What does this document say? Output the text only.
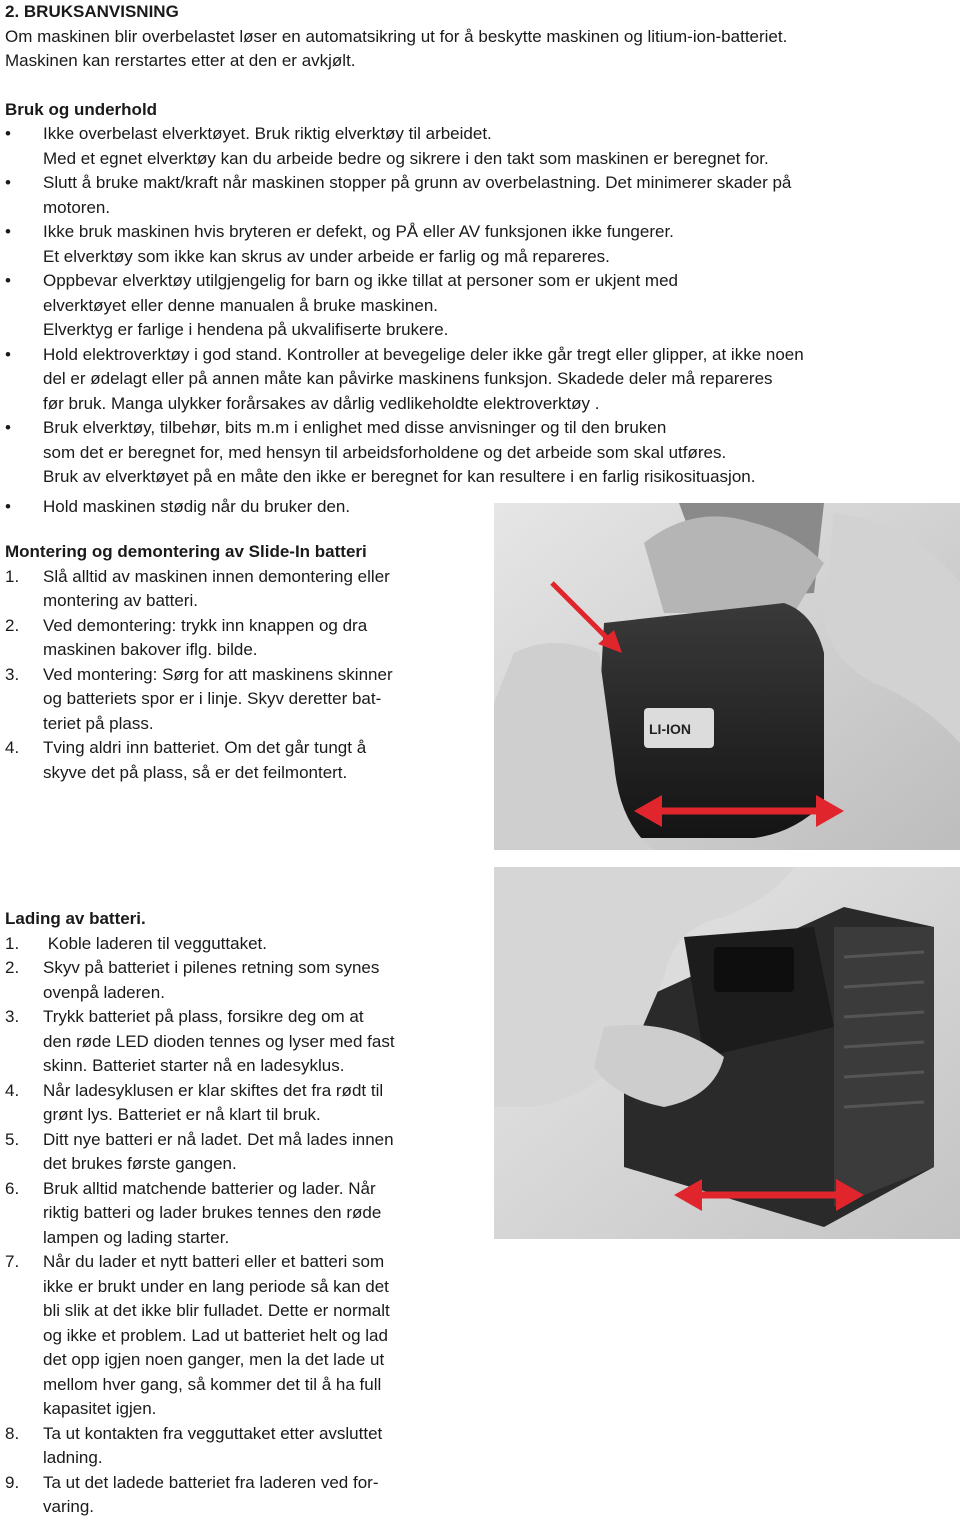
2. BRUKSANVISNING

Om maskinen blir overbelastet løser en automatsikring ut for å beskytte maskinen og litium-ion-batteriet.

Maskinen kan rerstartes etter at den er avkjølt.

Bruk og underhold

• Ikke overbelast elverktøyet. Bruk riktig elverktøy til arbeidet.
Med et egnet elverktøy kan du arbeide bedre og sikrere i den takt som maskinen er beregnet for.
• Slutt å bruke makt/kraft når maskinen stopper på grunn av overbelastning. Det minimerer skader på
motoren.
• Ikke bruk maskinen hvis bryteren er defekt, og PÅ eller AV funksjonen ikke fungerer.
Et elverktøy som ikke kan skrus av under arbeide er farlig og må repareres.
• Oppbevar elverktøy utilgjengelig for barn og ikke tillat at personer som er ukjent med
elverktøyet eller denne manualen å bruke maskinen.
Elverktyg er farlige i hendena på ukvalifiserte brukere.
• Hold elektroverktøy i god stand. Kontroller at bevegelige deler ikke går tregt eller glipper, at ikke noen
del er ødelagt eller på annen måte kan påvirke maskinens funksjon. Skadede deler må repareres
før bruk. Manga ulykker forårsakes av dårlig vedlikeholdte elektroverktøy .
• Bruk elverktøy, tilbehør, bits m.m i enlighet med disse anvisninger og til den bruken
som det er beregnet for, med hensyn til arbeidsforholdene og det arbeide som skal utføres.
Bruk av elverktøyet på en måte den ikke er beregnet for kan resultere i en farlig risikosituasjon.
• Hold maskinen stødig når du bruker den.

Montering og demontering av Slide-In batteri

1. Slå alltid av maskinen innen demontering eller
montering av batteri.
2. Ved demontering: trykk inn knappen og dra
maskinen bakover iflg. bilde.
3. Ved montering: Sørg for att maskinens skinner
og batteriets spor er i linje. Skyv deretter bat-
teriet på plass.
4. Tving aldri inn batteriet. Om det går tungt å
skyve det på plass, så er det feilmontert.
LI-ION

Lading av batteri.

1. Koble laderen til vegguttaket.
2. Skyv på batteriet i pilenes retning som synes
ovenpå laderen.
3. Trykk batteriet på plass, forsikre deg om at
den røde LED dioden tennes og lyser med fast
skinn. Batteriet starter nå en ladesyklus.
4. Når ladesyklusen er klar skiftes det fra rødt til
grønt lys. Batteriet er nå klart til bruk.
5. Ditt nye batteri er nå ladet. Det må lades innen
det brukes første gangen.
6. Bruk alltid matchende batterier og lader. Når
riktig batteri og lader brukes tennes den røde
lampen og lading starter.
7. Når du lader et nytt batteri eller et batteri som
ikke er brukt under en lang periode så kan det
bli slik at det ikke blir fulladet. Dette er normalt
og ikke et problem. Lad ut batteriet helt og lad
det opp igjen noen ganger, men la det lade ut
mellom hver gang, så kommer det til å ha full
kapasitet igjen.
8. Ta ut kontakten fra vegguttaket etter avsluttet
ladning.
9. Ta ut det ladede batteriet fra laderen ved for-
varing.
